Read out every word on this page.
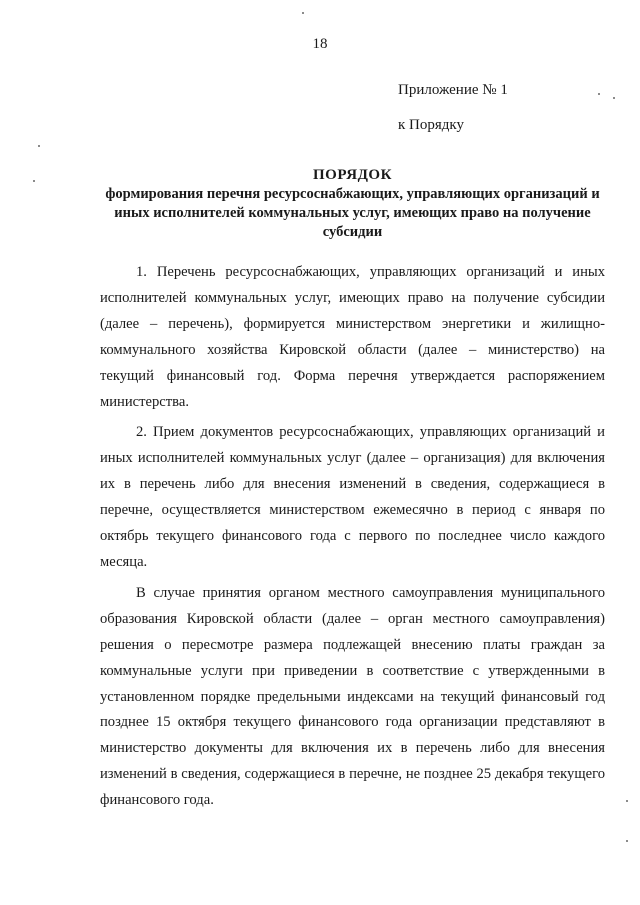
18
Приложение № 1
к Порядку
ПОРЯДОК
формирования перечня ресурсоснабжающих, управляющих организаций и иных исполнителей коммунальных услуг, имеющих право на получение субсидии

1. Перечень ресурсоснабжающих, управляющих организаций и иных исполнителей коммунальных услуг, имеющих право на получение субсидии (далее – перечень), формируется министерством энергетики и жилищно-коммунального хозяйства Кировской области (далее – министерство) на текущий финансовый год. Форма перечня утверждается распоряжением министерства.

2. Прием документов ресурсоснабжающих, управляющих организаций и иных исполнителей коммунальных услуг (далее – организация) для включения их в перечень либо для внесения изменений в сведения, содержащиеся в перечне, осуществляется министерством ежемесячно в период с января по октябрь текущего финансового года с первого по последнее число каждого месяца.

В случае принятия органом местного самоуправления муниципального образования Кировской области (далее – орган местного самоуправления) решения о пересмотре размера подлежащей внесению платы граждан за коммунальные услуги при приведении в соответствие с утвержденными в установленном порядке предельными индексами на текущий финансовый год позднее 15 октября текущего финансового года организации представляют в министерство документы для включения их в перечень либо для внесения изменений в сведения, содержащиеся в перечне, не позднее 25 декабря текущего финансового года.
